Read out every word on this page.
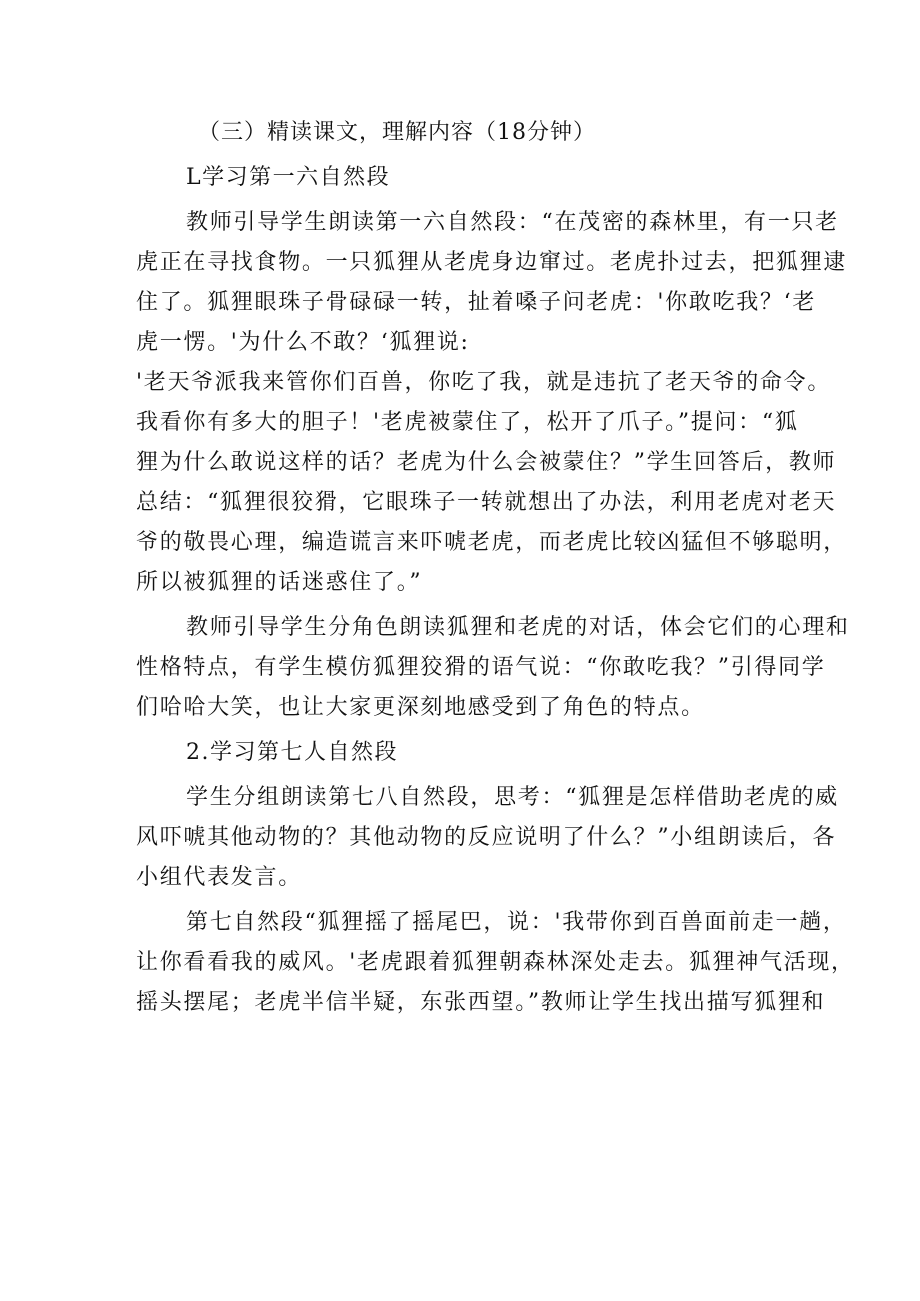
（三）精读课文，理解内容（18分钟）

L学习第一六自然段

教师引导学生朗读第一六自然段：“在茂密的森林里，有一只老

虎正在寻找食物。一只狐狸从老虎身边窜过。老虎扑过去，把狐狸逮

住了。狐狸眼珠子骨碌碌一转，扯着嗓子问老虎：'你敢吃我？‘老

虎一愣。'为什么不敢？‘狐狸说:

'老天爷派我来管你们百兽，你吃了我，就是违抗了老天爷的命令。

我看你有多大的胆子！'老虎被蒙住了，松开了爪子。”提问：“狐

狸为什么敢说这样的话？老虎为什么会被蒙住？”学生回答后，教师

总结：“狐狸很狡猾，它眼珠子一转就想出了办法，利用老虎对老天

爷的敬畏心理，编造谎言来吓唬老虎，而老虎比较凶猛但不够聪明，

所以被狐狸的话迷惑住了。”

教师引导学生分角色朗读狐狸和老虎的对话，体会它们的心理和

性格特点，有学生模仿狐狸狡猾的语气说：“你敢吃我？”引得同学

们哈哈大笑，也让大家更深刻地感受到了角色的特点。

2.学习第七人自然段

学生分组朗读第七八自然段，思考：“狐狸是怎样借助老虎的威

风吓唬其他动物的？其他动物的反应说明了什么？”小组朗读后，各

小组代表发言。

第七自然段“狐狸摇了摇尾巴，说：'我带你到百兽面前走一趟，

让你看看我的威风。'老虎跟着狐狸朝森林深处走去。狐狸神气活现，

摇头摆尾；老虎半信半疑，东张西望。”教师让学生找出描写狐狸和
